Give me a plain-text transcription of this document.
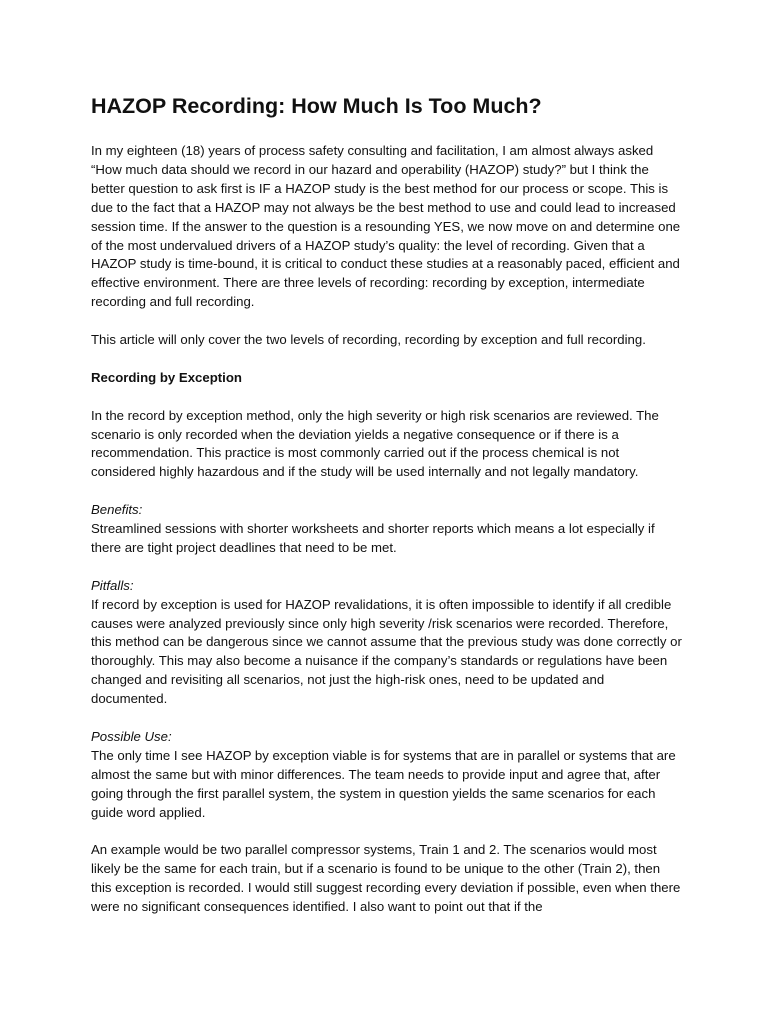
HAZOP Recording: How Much Is Too Much?

In my eighteen (18) years of process safety consulting and facilitation, I am almost always asked “How much data should we record in our hazard and operability (HAZOP) study?” but I think the better question to ask first is IF a HAZOP study is the best method for our process or scope. This is due to the fact that a HAZOP may not always be the best method to use and could lead to increased session time. If the answer to the question is a resounding YES, we now move on and determine one of the most undervalued drivers of a HAZOP study’s quality: the level of recording. Given that a HAZOP study is time-bound, it is critical to conduct these studies at a reasonably paced, efficient and effective environment. There are three levels of recording: recording by exception, intermediate recording and full recording.

This article will only cover the two levels of recording, recording by exception and full recording.

Recording by Exception

In the record by exception method, only the high severity or high risk scenarios are reviewed. The scenario is only recorded when the deviation yields a negative consequence or if there is a recommendation. This practice is most commonly carried out if the process chemical is not considered highly hazardous and if the study will be used internally and not legally mandatory.

Benefits:

Streamlined sessions with shorter worksheets and shorter reports which means a lot especially if there are tight project deadlines that need to be met.

Pitfalls:

If record by exception is used for HAZOP revalidations, it is often impossible to identify if all credible causes were analyzed previously since only high severity /risk scenarios were recorded. Therefore, this method can be dangerous since we cannot assume that the previous study was done correctly or thoroughly. This may also become a nuisance if the company’s standards or regulations have been changed and revisiting all scenarios, not just the high-risk ones, need to be updated and documented.

Possible Use:

The only time I see HAZOP by exception viable is for systems that are in parallel or systems that are almost the same but with minor differences. The team needs to provide input and agree that, after going through the first parallel system, the system in question yields the same scenarios for each guide word applied.

An example would be two parallel compressor systems, Train 1 and 2. The scenarios would most likely be the same for each train, but if a scenario is found to be unique to the other (Train 2), then this exception is recorded. I would still suggest recording every deviation if possible, even when there were no significant consequences identified. I also want to point out that if the
